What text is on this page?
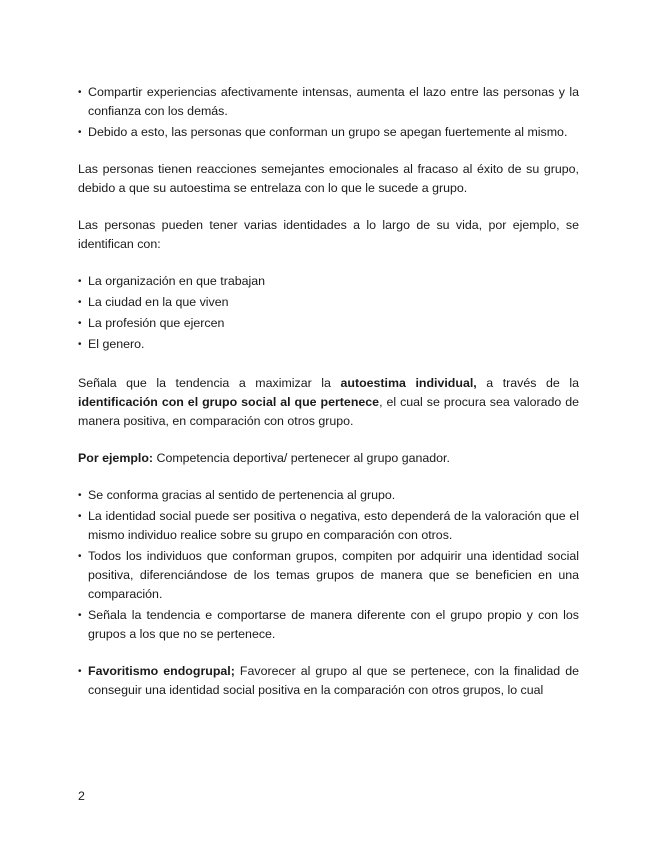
• Compartir experiencias afectivamente intensas, aumenta el lazo entre las personas y la confianza con los demás.
• Debido a esto, las personas que conforman un grupo se apegan fuertemente al mismo.

Las personas tienen reacciones semejantes emocionales al fracaso al éxito de su grupo, debido a que su autoestima se entrelaza con lo que le sucede a grupo.

Las personas pueden tener varias identidades a lo largo de su vida, por ejemplo, se identifican con:

• La organización en que trabajan
• La ciudad en la que viven
• La profesión que ejercen
• El genero.

Señala que la tendencia a maximizar la autoestima individual, a través de la identificación con el grupo social al que pertenece, el cual se procura sea valorado de manera positiva, en comparación con otros grupo.

Por ejemplo: Competencia deportiva/ pertenecer al grupo ganador.

• Se conforma gracias al sentido de pertenencia al grupo.
• La identidad social puede ser positiva o negativa, esto dependerá de la valoración que el mismo individuo realice sobre su grupo en comparación con otros.
• Todos los individuos que conforman grupos, compiten por adquirir una identidad social positiva, diferenciándose de los temas grupos de manera que se beneficien en una comparación.
• Señala la tendencia e comportarse de manera diferente con el grupo propio y con los grupos a los que no se pertenece.
• Favoritismo endogrupal; Favorecer al grupo al que se pertenece, con la finalidad de conseguir una identidad social positiva en la comparación con otros grupos, lo cual
2
